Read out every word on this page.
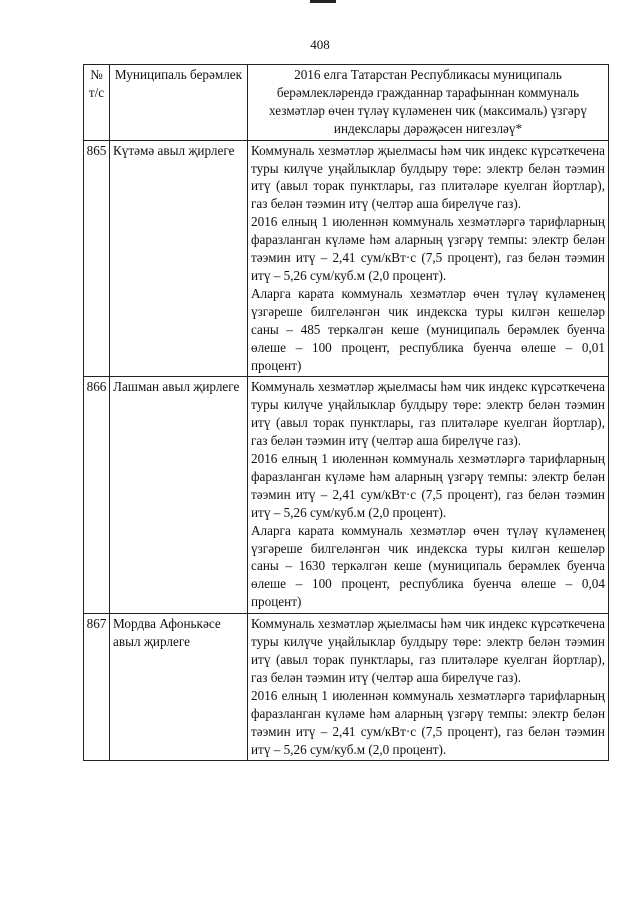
408
№ т/с	Муниципаль берәмлек	2016 елга Татарстан Республикасы муниципаль берәмлекләрендә гражданнар тарафыннан коммуналь хезмәтләр өчен түләү күләменен чик (максималь) үзгәрү индекслары дәрәҗәсен нигезләү*
865	Күтәмә авыл җирлеге	Коммуналь хезмәтләр җыелмасы һәм чик индекс күрсәткечена туры килүче уңайлыклар булдыру төре: электр белән тәэмин итү (авыл торак пунктлары, газ плитәләре куелган йортлар), газ белән тәэмин итү (челтәр аша бирелүче газ).

2016 елның 1 июленнән коммуналь хезмәтләргә тарифларның фаразланган күләме һәм аларның үзгәрү темпы: электр белән тәэмин итү – 2,41 сум/кВт·с (7,5 процент), газ белән тәэмин итү – 5,26 сум/куб.м (2,0 процент).

Аларга карата коммуналь хезмәтләр өчен түләү күләменең үзгәреше билгеләнгән чик индекска туры килгән кешеләр саны – 485 теркәлгән кеше (муниципаль берәмлек буенча өлеше – 100 процент, республика буенча өлеше – 0,01 процент)

866	Лашман авыл җирлеге	Коммуналь хезмәтләр җыелмасы һәм чик индекс күрсәткечена туры килүче уңайлыклар булдыру төре: электр белән тәэмин итү (авыл торак пунктлары, газ плитәләре куелган йортлар), газ белән тәэмин итү (челтәр аша бирелүче газ).

2016 елның 1 июленнән коммуналь хезмәтләргә тарифларның фаразланган күләме һәм аларның үзгәрү темпы: электр белән тәэмин итү – 2,41 сум/кВт·с (7,5 процент), газ белән тәэмин итү – 5,26 сум/куб.м (2,0 процент).

Аларга карата коммуналь хезмәтләр өчен түләү күләменең үзгәреше билгеләнгән чик индекска туры килгән кешеләр саны – 1630 теркәлгән кеше (муниципаль берәмлек буенча өлеше – 100 процент, республика буенча өлеше – 0,04 процент)

867	Мордва Афонькәсе авыл җирлеге	Коммуналь хезмәтләр җыелмасы һәм чик индекс күрсәткечена туры килүче уңайлыклар булдыру төре: электр белән тәэмин итү (авыл торак пунктлары, газ плитәләре куелган йортлар), газ белән тәэмин итү (челтәр аша бирелүче газ).

2016 елның 1 июленнән коммуналь хезмәтләргә тарифларның фаразланган күләме һәм аларның үзгәрү темпы: электр белән тәэмин итү – 2,41 сум/кВт·с (7,5 процент), газ белән тәэмин итү – 5,26 сум/куб.м (2,0 процент).
